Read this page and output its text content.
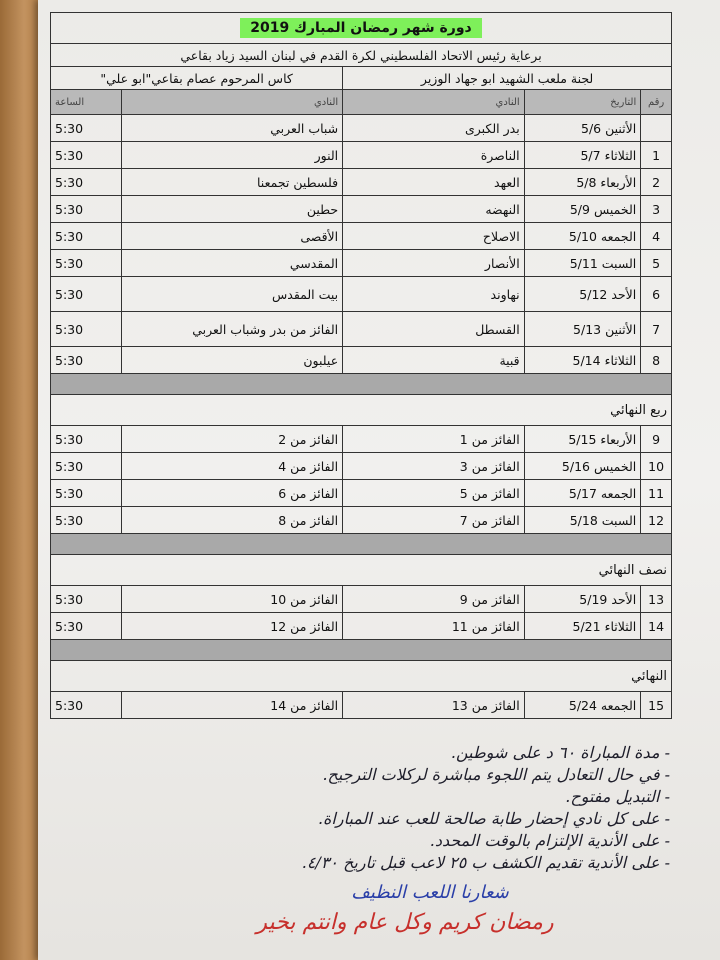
دورة شهر رمضان المبارك 2019				
برعاية رئيس الاتحاد الفلسطيني لكرة القدم في لبنان السيد زياد بقاعي				
لجنة ملعب الشهيد ابو جهاد الوزير			كاس المرحوم عصام بقاعي"ابو علي"	
رقم	التاريخ	النادي	النادي	الساعة
	الأثنين 5/6	بدر الكبرى	شباب العربي	5:30
1	الثلاثاء 5/7	الناصرة	النور	5:30
2	الأربعاء 5/8	العهد	فلسطين تجمعنا	5:30
3	الخميس 5/9	النهضه	حطين	5:30
4	الجمعه 5/10	الاصلاح	الأقصى	5:30
5	السبت 5/11	الأنصار	المقدسي	5:30
6	الأحد 5/12	نهاوند	بيت المقدس	5:30
7	الأثنين 5/13	القسطل	الفائز من بدر وشباب العربي	5:30
8	الثلاثاء 5/14	قبية	عيلبون	5:30

ربع النهائي				
9	الأربعاء 5/15	الفائز من 1	الفائز من 2	5:30
10	الخميس 5/16	الفائز من 3	الفائز من 4	5:30
11	الجمعه 5/17	الفائز من 5	الفائز من 6	5:30
12	السبت 5/18	الفائز من 7	الفائز من 8	5:30

نصف النهائي				
13	الأحد 5/19	الفائز من 9	الفائز من 10	5:30
14	الثلاثاء 5/21	الفائز من 11	الفائز من 12	5:30

النهائي				
15	الجمعه 5/24	الفائز من 13	الفائز من 14	5:30
- مدة المباراة ٦٠ د على شوطين.
- في حال التعادل يتم اللجوء مباشرة لركلات الترجيح.
- التبديل مفتوح.
- على كل نادي إحضار طابة صالحة للعب عند المباراة.
- على الأندية الإلتزام بالوقت المحدد.
- على الأندية تقديم الكشف ب ٢٥ لاعب قبل تاريخ ٤/٣٠.
شعارنا اللعب النظيف
رمضان كريم وكل عام وانتم بخير
